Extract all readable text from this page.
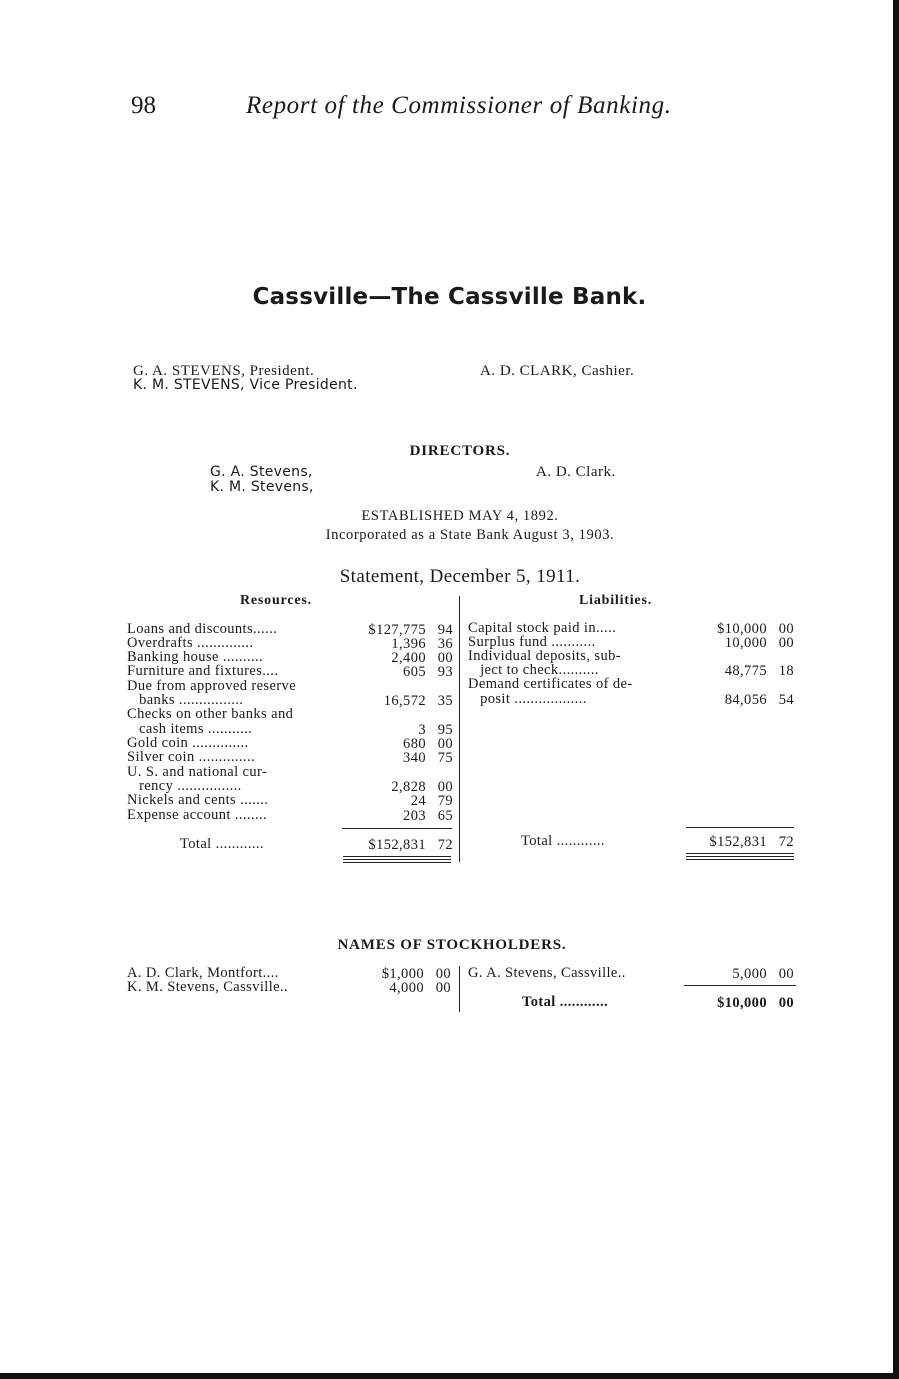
98	Report of the Commissioner of Banking.
Cassville—The Cassville Bank.
G. A. STEVENS, President.
K. M. STEVENS, Vice President.
A. D. CLARK, Cashier.
DIRECTORS.
G. A. Stevens,
K. M. Stevens,
A. D. Clark.
ESTABLISHED MAY 4, 1892.
Incorporated as a State Bank August 3, 1903.
Statement, December 5, 1911.
Resources.	Liabilities.
Loans and discounts......	$127,775 94
Overdrafts ..............	1,396 36
Banking house ..........	2,400 00
Furniture and fixtures....	605 93
Due from approved reserve
banks ................	16,572 35
Checks on other banks and
cash items ...........	3 95
Gold coin ..............	680 00
Silver coin ..............	340 75
U. S. and national cur-
rency ................	2,828 00
Nickels and cents .......	24 79
Expense account ........	203 65
Total ............	$152,831 72
Capital stock paid in.....	$10,000 00
Surplus fund ...........	10,000 00
Individual deposits, sub-
ject to check..........	48,775 18
Demand certificates of de-
posit ..................	84,056 54
Total ............	$152,831 72
NAMES OF STOCKHOLDERS.
A. D. Clark, Montfort....	$1,000 00
K. M. Stevens, Cassville..	4,000 00
G. A. Stevens, Cassville..	5,000 00
Total ............	$10,000 00
